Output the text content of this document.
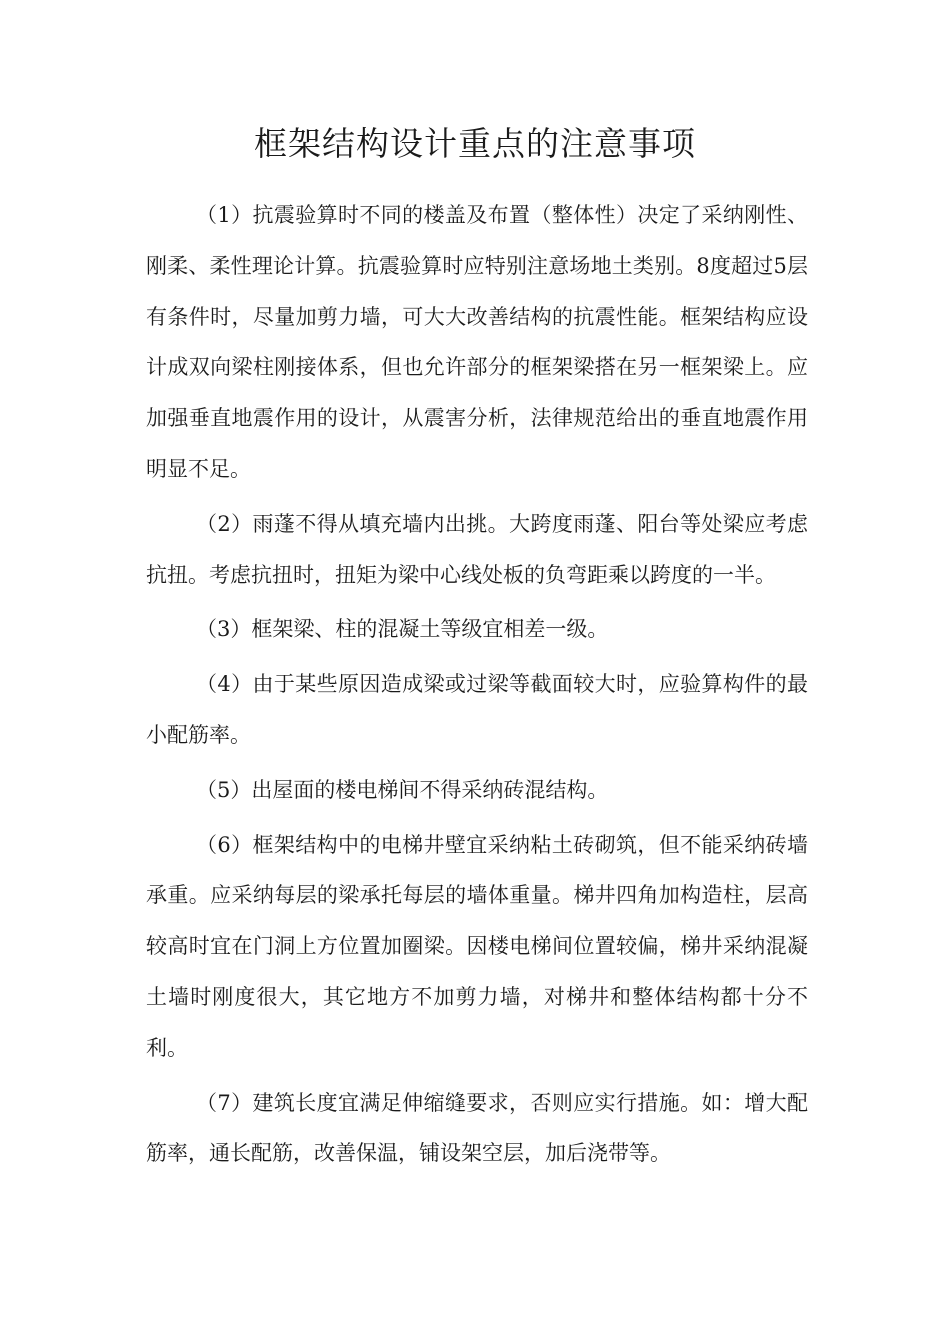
框架结构设计重点的注意事项

（1）抗震验算时不同的楼盖及布置（整体性）决定了采纳刚性、刚柔、柔性理论计算。抗震验算时应特别注意场地土类别。8度超过5层有条件时，尽量加剪力墙，可大大改善结构的抗震性能。框架结构应设计成双向梁柱刚接体系，但也允许部分的框架梁搭在另一框架梁上。应加强垂直地震作用的设计，从震害分析，法律规范给出的垂直地震作用明显不足。

（2）雨蓬不得从填充墙内出挑。大跨度雨蓬、阳台等处梁应考虑抗扭。考虑抗扭时，扭矩为梁中心线处板的负弯距乘以跨度的一半。

（3）框架梁、柱的混凝土等级宜相差一级。

（4）由于某些原因造成梁或过梁等截面较大时，应验算构件的最小配筋率。

（5）出屋面的楼电梯间不得采纳砖混结构。

（6）框架结构中的电梯井壁宜采纳粘土砖砌筑，但不能采纳砖墙承重。应采纳每层的梁承托每层的墙体重量。梯井四角加构造柱，层高较高时宜在门洞上方位置加圈梁。因楼电梯间位置较偏，梯井采纳混凝土墙时刚度很大，其它地方不加剪力墙，对梯井和整体结构都十分不利。

（7）建筑长度宜满足伸缩缝要求，否则应实行措施。如：增大配筋率，通长配筋，改善保温，铺设架空层，加后浇带等。
